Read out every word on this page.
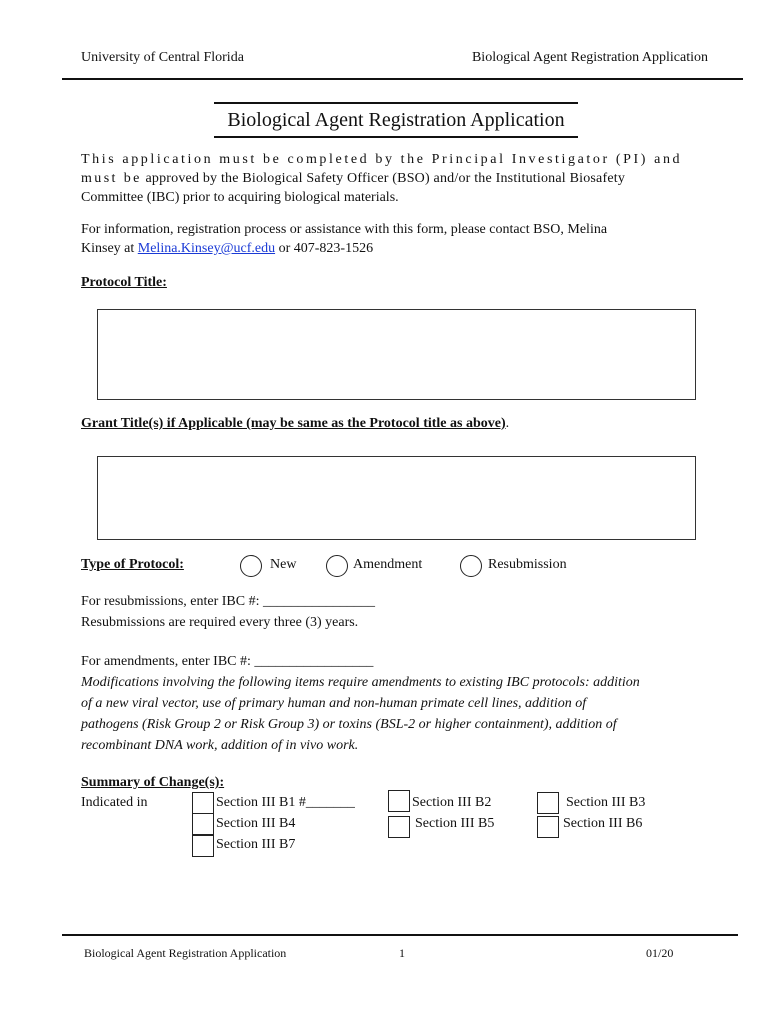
University of Central Florida	Biological Agent Registration Application
Biological Agent Registration Application
This application must be completed by the Principal Investigator (PI) and
must be approved by the Biological Safety Officer (BSO) and/or the Institutional Biosafety
Committee (IBC) prior to acquiring biological materials.
For information, registration process or assistance with this form, please contact BSO, Melina
Kinsey at Melina.Kinsey@ucf.edu or 407-823-1526
Protocol Title:
Grant Title(s) if Applicable (may be same as the Protocol title as above).
Type of Protocol:	New	Amendment	Resubmission
For resubmissions, enter IBC #: ________________
Resubmissions are required every three (3) years.
For amendments, enter IBC #: _________________
Modifications involving the following items require amendments to existing IBC protocols: addition
of a new viral vector, use of primary human and non-human primate cell lines, addition of
pathogens (Risk Group 2 or Risk Group 3) or toxins (BSL-2 or higher containment), addition of
recombinant DNA work, addition of in vivo work.
Summary of Change(s):
Indicated in	Section III B1 #_______	Section III B2	Section III B3
Section III B4	Section III B5	Section III B6
Section III B7
Biological Agent Registration Application	1	01/20
